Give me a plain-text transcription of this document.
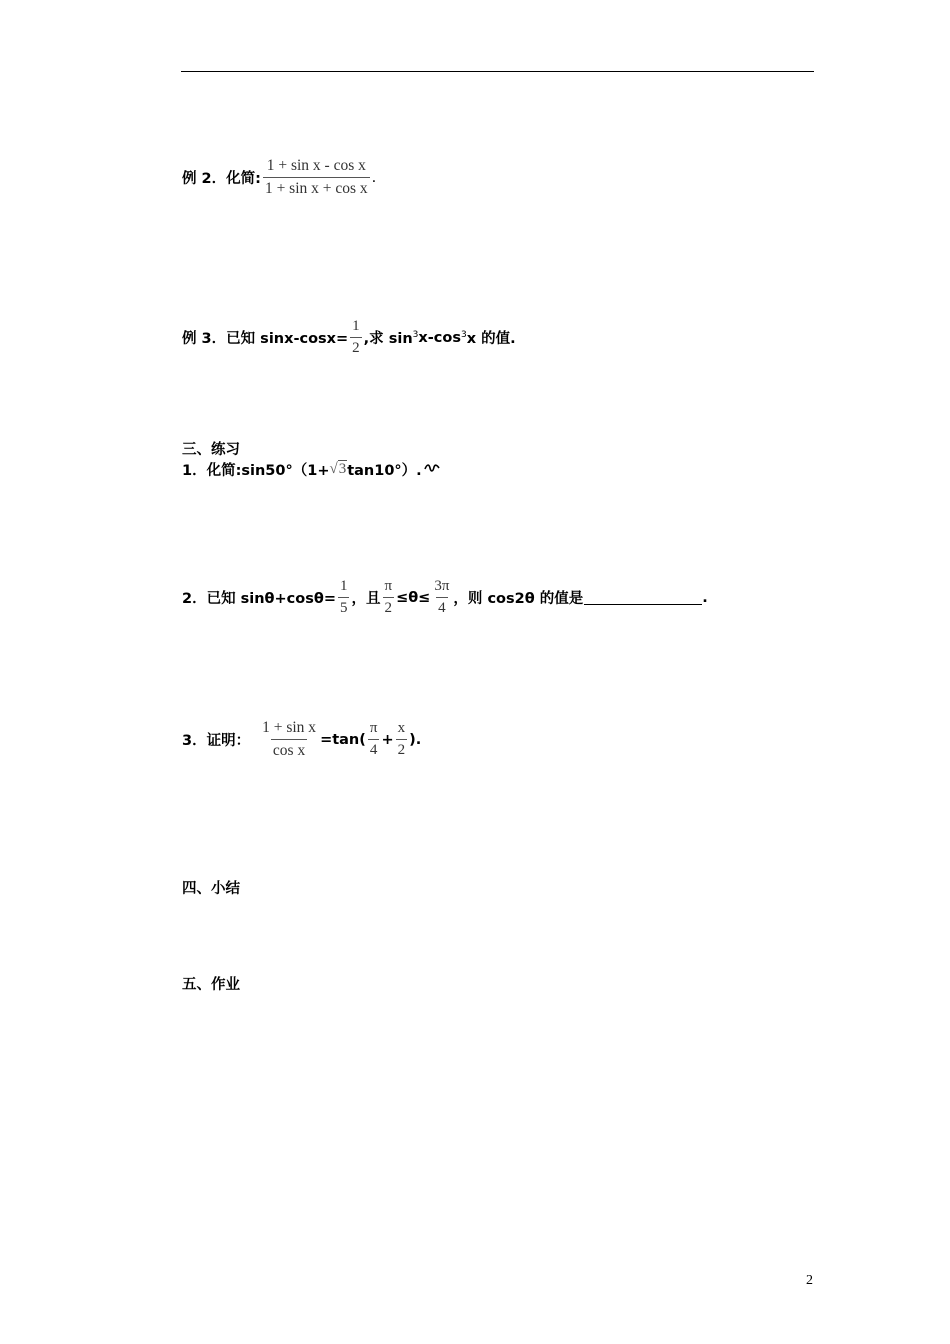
例 2．化简: $\frac{\text{1 + sin x - cos x}}{\text{1 + sin x + cos x}}$ .
例 3．已知 $\sin x-\cos x= \frac{1}{2}$ ,求 $\sin^3 x-\cos^3$ x 的值.
三、练习
1．化简:sin50°（1+ √3 tan10°）.
2．已知 $\sin\theta+\cos\theta= \frac{1}{5}$ ，且 $\frac{\pi}{2} \le\theta\le \frac{3\pi}{4}$ ，则 cos2θ 的值是	.
3．证明： $\frac{\text{1 + sin x}}{\text{cos x}} =\tan( \frac{\pi}{4} + \frac{x}{2}$ ).
四、小结
五、作业
2
